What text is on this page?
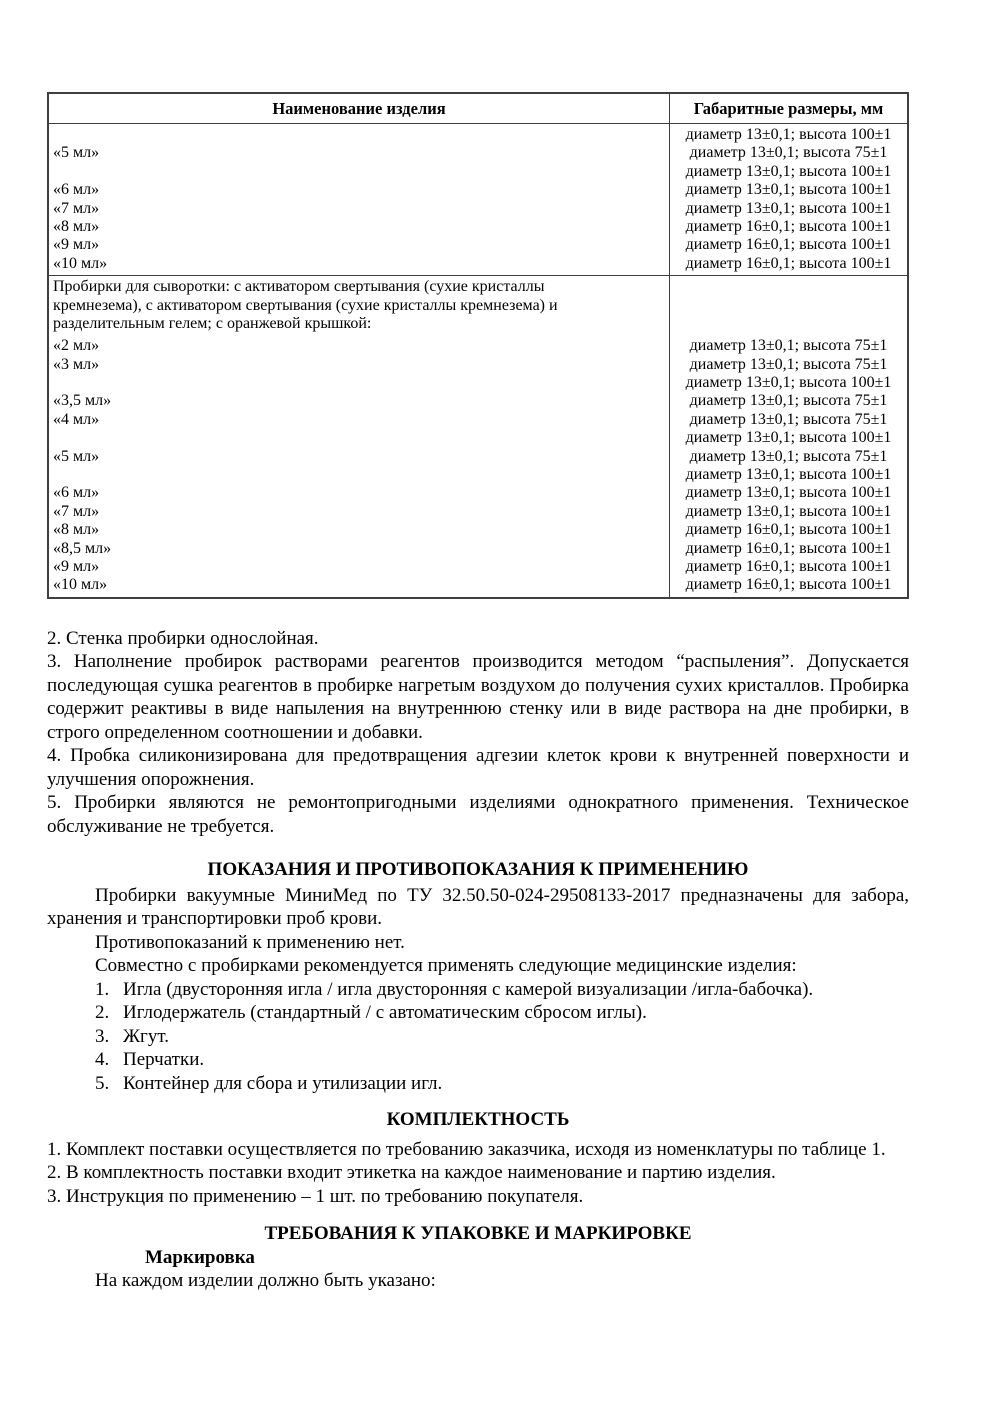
Наименование изделия	Габаритные размеры, мм

«5 мл»

«6 мл»
«7 мл»
«8 мл»
«9 мл»
«10 мл»
диаметр 13±0,1; высота 100±1
диаметр 13±0,1; высота 75±1
диаметр 13±0,1; высота 100±1
диаметр 13±0,1; высота 100±1
диаметр 13±0,1; высота 100±1
диаметр 16±0,1; высота 100±1
диаметр 16±0,1; высота 100±1
диаметр 16±0,1; высота 100±1
Пробирки для сыворотки: с активатором свертывания (сухие кристаллы
кремнезема), с активатором свертывания (сухие кристаллы кремнезема) и
разделительным гелем; с оранжевой крышкой:
«2 мл»
«3 мл»

«3,5 мл»
«4 мл»

«5 мл»

«6 мл»
«7 мл»
«8 мл»
«8,5 мл»
«9 мл»
«10 мл»

диаметр 13±0,1; высота 75±1
диаметр 13±0,1; высота 75±1
диаметр 13±0,1; высота 100±1
диаметр 13±0,1; высота 75±1
диаметр 13±0,1; высота 75±1
диаметр 13±0,1; высота 100±1
диаметр 13±0,1; высота 75±1
диаметр 13±0,1; высота 100±1
диаметр 13±0,1; высота 100±1
диаметр 13±0,1; высота 100±1
диаметр 16±0,1; высота 100±1
диаметр 16±0,1; высота 100±1
диаметр 16±0,1; высота 100±1
диаметр 16±0,1; высота 100±1
2. Стенка пробирки однослойная.
3. Наполнение пробирок растворами реагентов производится методом “распыления”. Допускается последующая сушка реагентов в пробирке нагретым воздухом до получения сухих кристаллов. Пробирка содержит реактивы в виде напыления на внутреннюю стенку или в виде раствора на дне пробирки, в строго определенном соотношении и добавки.
4. Пробка силиконизирована для предотвращения адгезии клеток крови к внутренней поверхности и улучшения опорожнения.
5. Пробирки являются не ремонтопригодными изделиями однократного применения. Техническое обслуживание не требуется.
ПОКАЗАНИЯ И ПРОТИВОПОКАЗАНИЯ К ПРИМЕНЕНИЮ
Пробирки вакуумные МиниМед по ТУ 32.50.50-024-29508133-2017 предназначены для забора, хранения и транспортировки проб крови.
Противопоказаний к применению нет.
Совместно с пробирками рекомендуется применять следующие медицинские изделия:
1. Игла (двусторонняя игла / игла двусторонняя с камерой визуализации /игла-бабочка).
2. Иглодержатель (стандартный / с автоматическим сбросом иглы).
3. Жгут.
4. Перчатки.
5. Контейнер для сбора и утилизации игл.
КОМПЛЕКТНОСТЬ
1. Комплект поставки осуществляется по требованию заказчика, исходя из номенклатуры по таблице 1.
2. В комплектность поставки входит этикетка на каждое наименование и партию изделия.
3. Инструкция по применению – 1 шт. по требованию покупателя.
ТРЕБОВАНИЯ К УПАКОВКЕ И МАРКИРОВКЕ
Маркировка
На каждом изделии должно быть указано:
